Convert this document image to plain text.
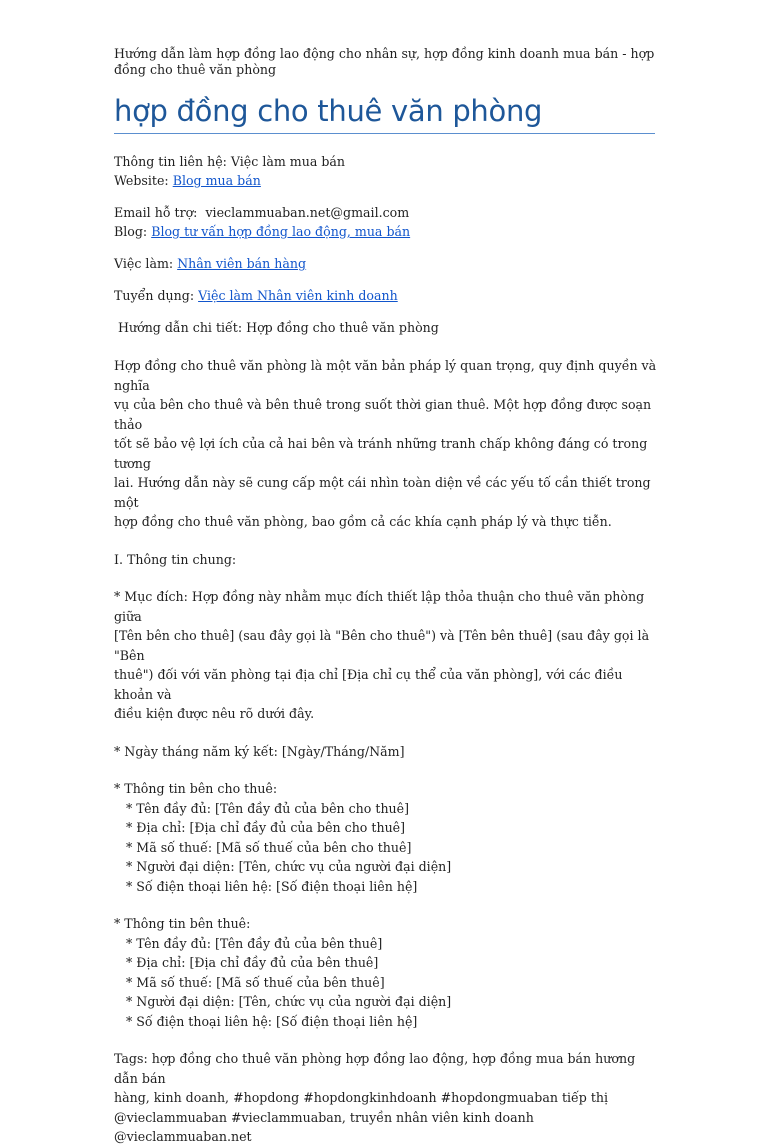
Hướng dẫn làm hợp đồng lao động cho nhân sự, hợp đồng kinh doanh mua bán - hợp đồng cho thuê văn phòng

hợp đồng cho thuê văn phòng

Thông tin liên hệ: Việc làm mua bán

Website: Blog mua bán

Email hỗ trợ:  vieclammuaban.net@gmail.com

Blog: Blog tư vấn hợp đồng lao động, mua bán

Việc làm: Nhân viên bán hàng

Tuyển dụng: Việc làm Nhân viên kinh doanh

Hướng dẫn chi tiết: Hợp đồng cho thuê văn phòng

Hợp đồng cho thuê văn phòng là một văn bản pháp lý quan trọng, quy định quyền và nghĩa

vụ của bên cho thuê và bên thuê trong suốt thời gian thuê. Một hợp đồng được soạn thảo

tốt sẽ bảo vệ lợi ích của cả hai bên và tránh những tranh chấp không đáng có trong tương

lai. Hướng dẫn này sẽ cung cấp một cái nhìn toàn diện về các yếu tố cần thiết trong một

hợp đồng cho thuê văn phòng, bao gồm cả các khía cạnh pháp lý và thực tiễn.

I. Thông tin chung:

* Mục đích: Hợp đồng này nhằm mục đích thiết lập thỏa thuận cho thuê văn phòng giữa

[Tên bên cho thuê] (sau đây gọi là "Bên cho thuê") và [Tên bên thuê] (sau đây gọi là "Bên

thuê") đối với văn phòng tại địa chỉ [Địa chỉ cụ thể của văn phòng], với các điều khoản và

điều kiện được nêu rõ dưới đây.

* Ngày tháng năm ký kết: [Ngày/Tháng/Năm]

* Thông tin bên cho thuê:

* Tên đầy đủ: [Tên đầy đủ của bên cho thuê]

* Địa chỉ: [Địa chỉ đầy đủ của bên cho thuê]

* Mã số thuế: [Mã số thuế của bên cho thuê]

* Người đại diện: [Tên, chức vụ của người đại diện]

* Số điện thoại liên hệ: [Số điện thoại liên hệ]

* Thông tin bên thuê:

* Tên đầy đủ: [Tên đầy đủ của bên thuê]

* Địa chỉ: [Địa chỉ đầy đủ của bên thuê]

* Mã số thuế: [Mã số thuế của bên thuê]

* Người đại diện: [Tên, chức vụ của người đại diện]

* Số điện thoại liên hệ: [Số điện thoại liên hệ]

Tags: hợp đồng cho thuê văn phòng hợp đồng lao động, hợp đồng mua bán hương dẫn bán

hàng, kinh doanh, #hopdong #hopdongkinhdoanh #hopdongmuaban tiếp thị

@vieclammuaban #vieclammuaban, truyền nhân viên kinh doanh @vieclammuaban.net
